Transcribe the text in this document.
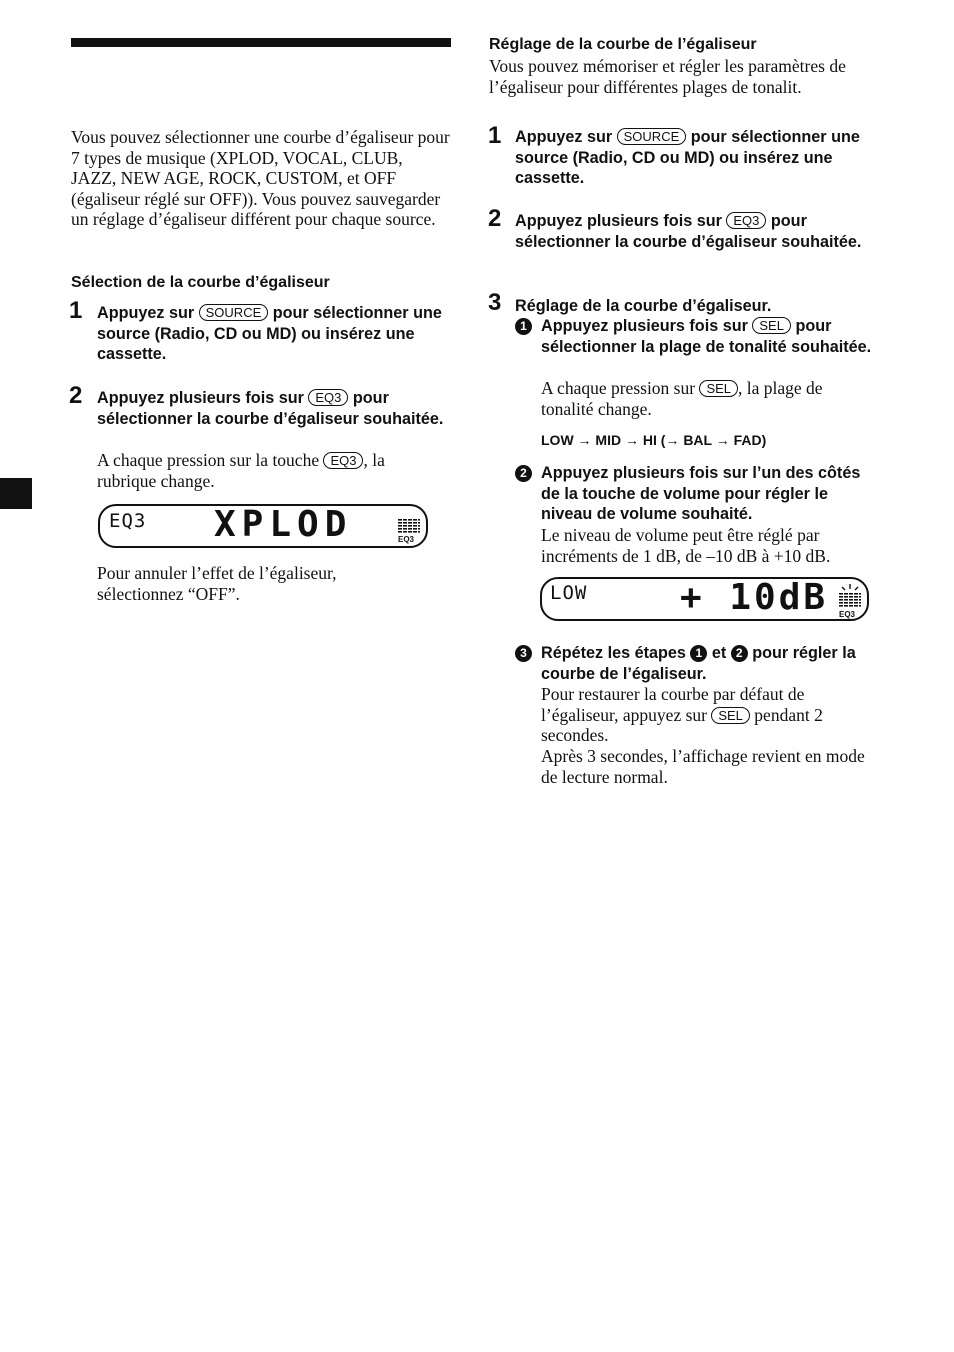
Vous pouvez sélectionner une courbe d’égaliseur pour 7 types de musique (XPLOD, VOCAL, CLUB, JAZZ, NEW AGE, ROCK, CUSTOM, et OFF (égaliseur réglé sur OFF)). Vous pouvez sauvegarder un réglage d’égaliseur différent pour chaque source.
Sélection de la courbe d’égaliseur
1 Appuyez sur SOURCE pour sélectionner une source (Radio, CD ou MD) ou insérez une cassette.
2 Appuyez plusieurs fois sur EQ3 pour sélectionner la courbe d’égaliseur souhaitée.
A chaque pression sur la touche EQ3 , la rubrique change.
EQ3 XPLOD	EQ3
Pour annuler l’effet de l’égaliseur, sélectionnez “OFF”.
Réglage de la courbe de l’égaliseur
Vous pouvez mémoriser et régler les paramètres de l’égaliseur pour différentes plages de tonalit.
1 Appuyez sur SOURCE pour sélectionner une source (Radio, CD ou MD) ou insérez une cassette.
2 Appuyez plusieurs fois sur EQ3 pour sélectionner la courbe d’égaliseur souhaitée.
3 Réglage de la courbe d’égaliseur.
1 Appuyez plusieurs fois sur SEL pour sélectionner la plage de tonalité souhaitée.
A chaque pression sur SEL , la plage de tonalité change.
LOW → MID → HI (→ BAL → FAD)
2 Appuyez plusieurs fois sur l’un des côtés de la touche de volume pour régler le niveau de volume souhaité.
Le niveau de volume peut être réglé par incréments de 1 dB, de –10 dB à +10 dB.
LOW	+ 10dB EQ3
3 Répétez les étapes 1 et 2 pour régler la courbe de l’égaliseur.
Pour restaurer la courbe par défaut de l’égaliseur, appuyez sur SEL pendant 2 secondes.
Après 3 secondes, l’affichage revient en mode de lecture normal.
